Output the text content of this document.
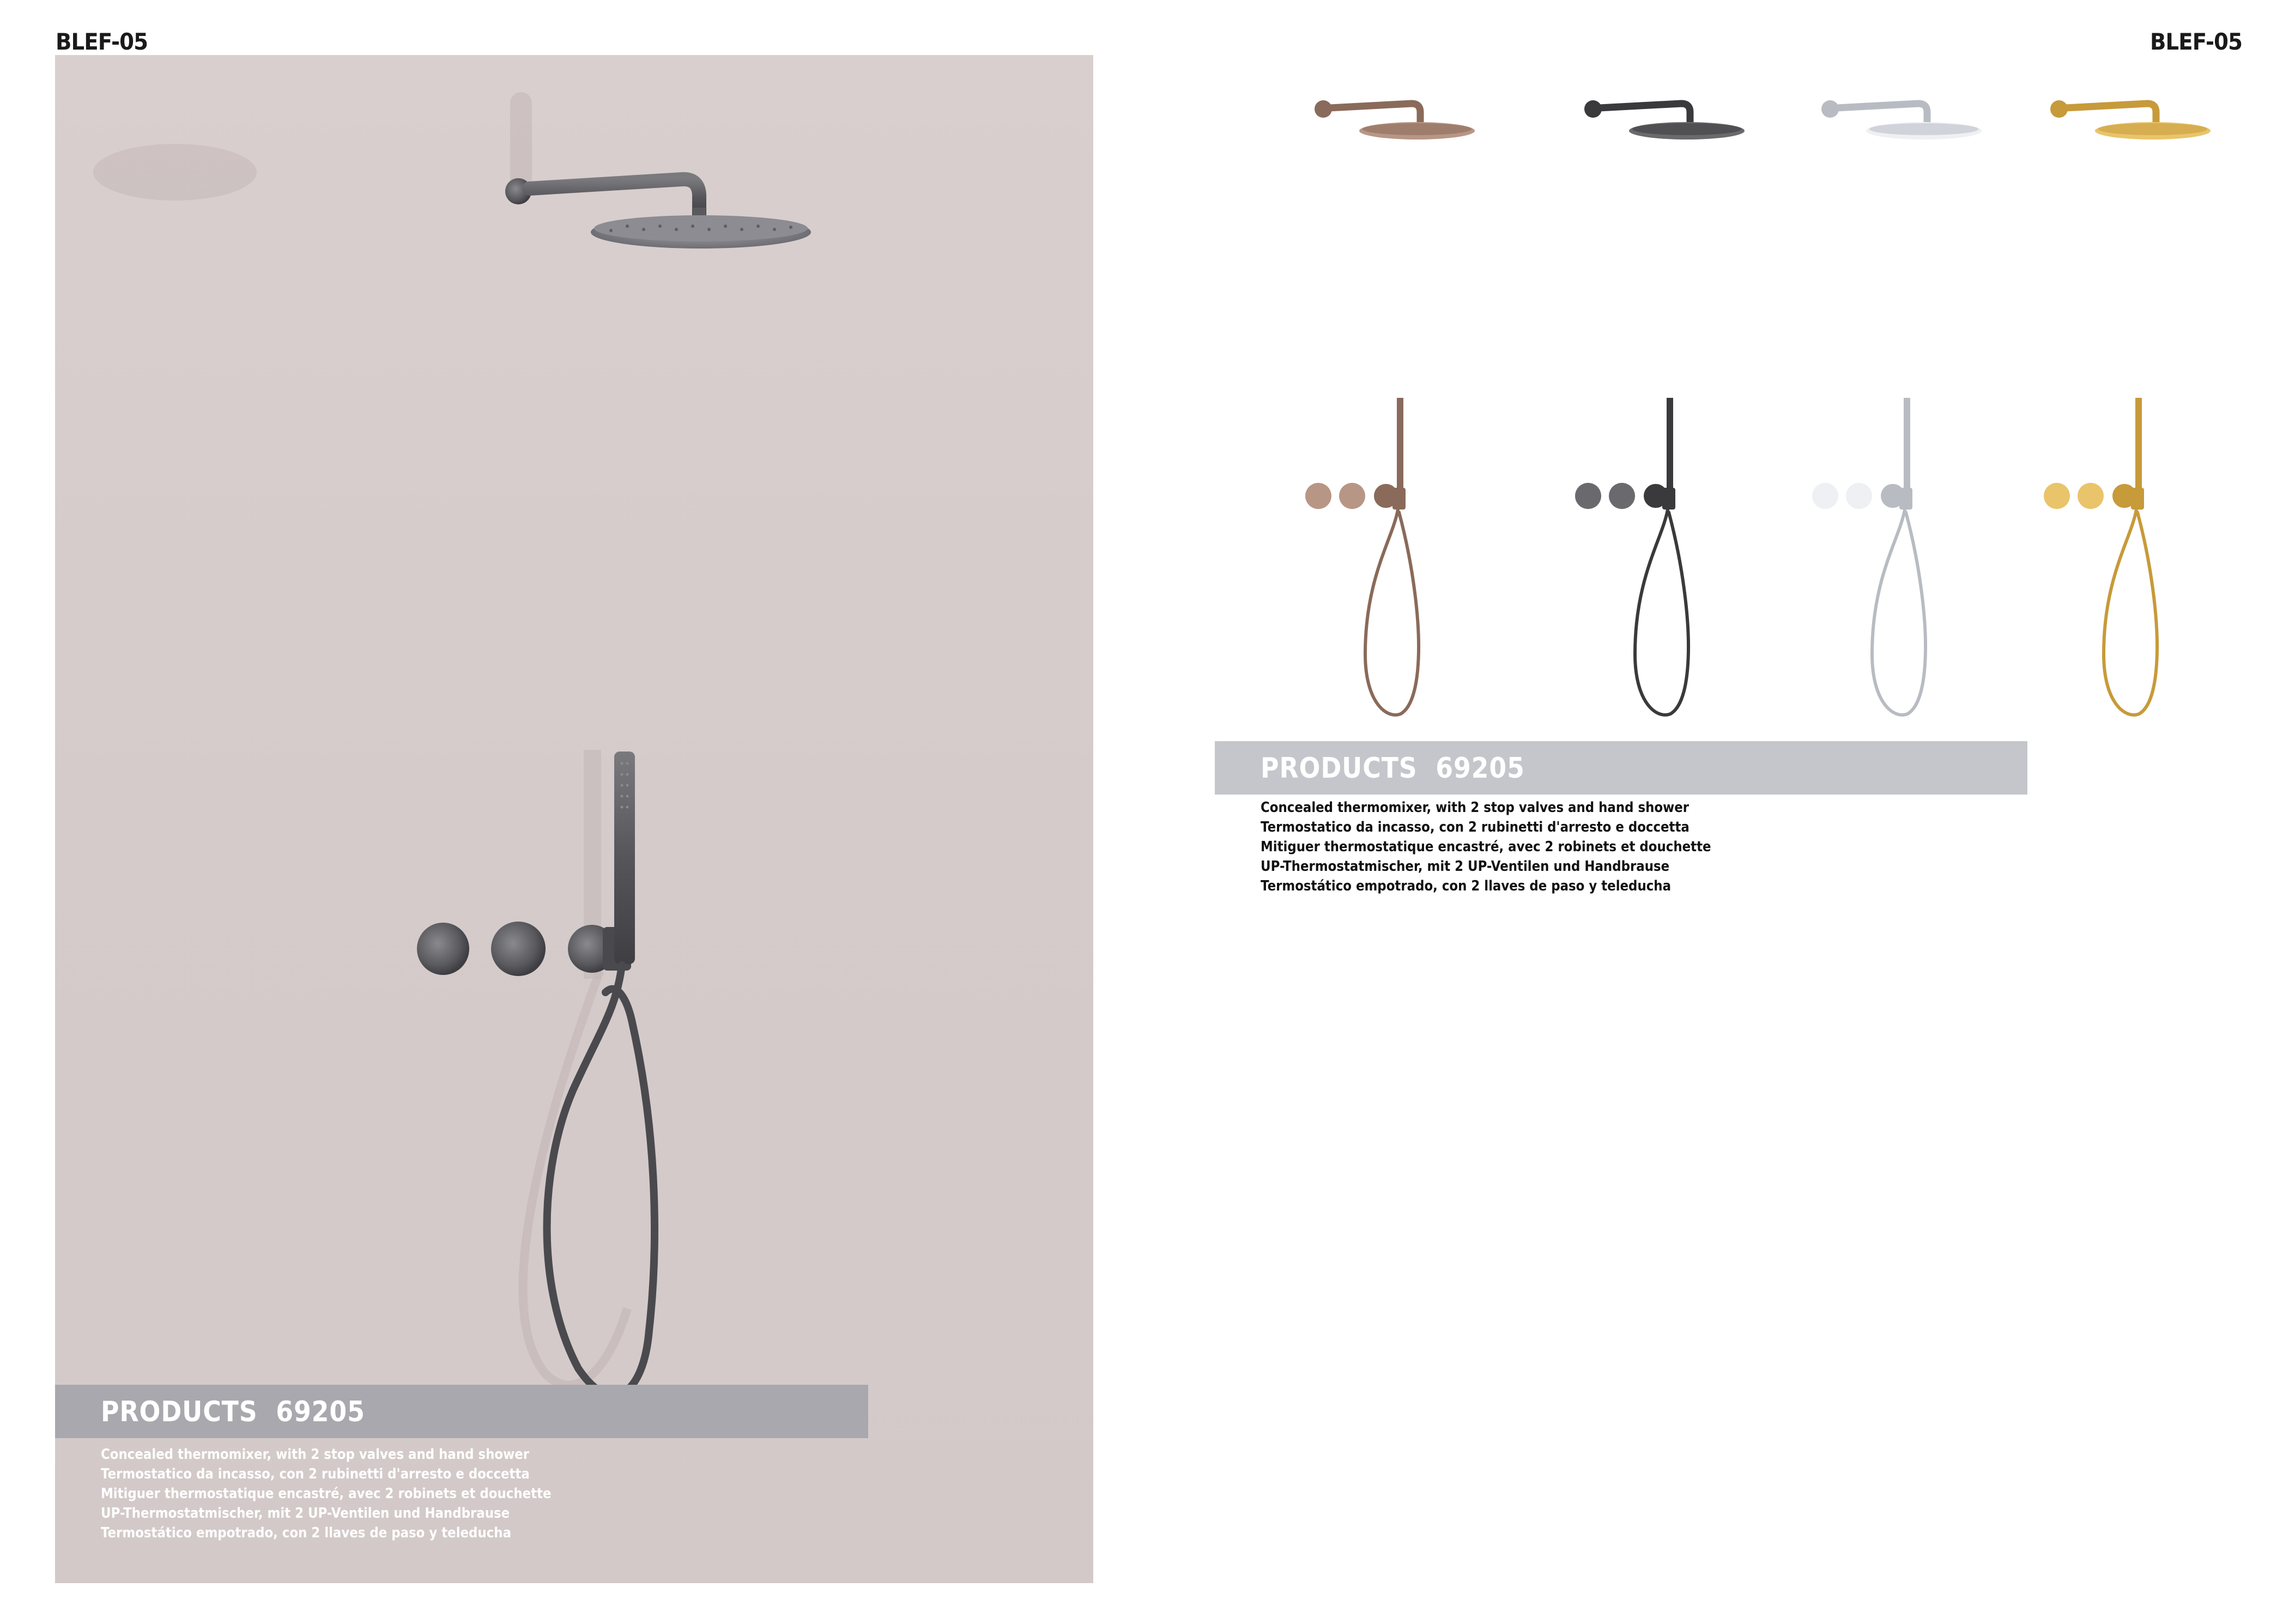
BLEF-05	BLEF-05
PRODUCTS  69205
Concealed thermomixer, with 2 stop valves and hand shower
Termostatico da incasso, con 2 rubinetti d'arresto e doccetta
Mitiguer thermostatique encastré, avec 2 robinets et douchette
UP-Thermostatmischer, mit 2 UP-Ventilen und Handbrause
Termostático empotrado, con 2 llaves de paso y teleducha
PRODUCTS  69205
Concealed thermomixer, with 2 stop valves and hand shower
Termostatico da incasso, con 2 rubinetti d'arresto e doccetta
Mitiguer thermostatique encastré, avec 2 robinets et douchette
UP-Thermostatmischer, mit 2 UP-Ventilen und Handbrause
Termostático empotrado, con 2 llaves de paso y teleducha
